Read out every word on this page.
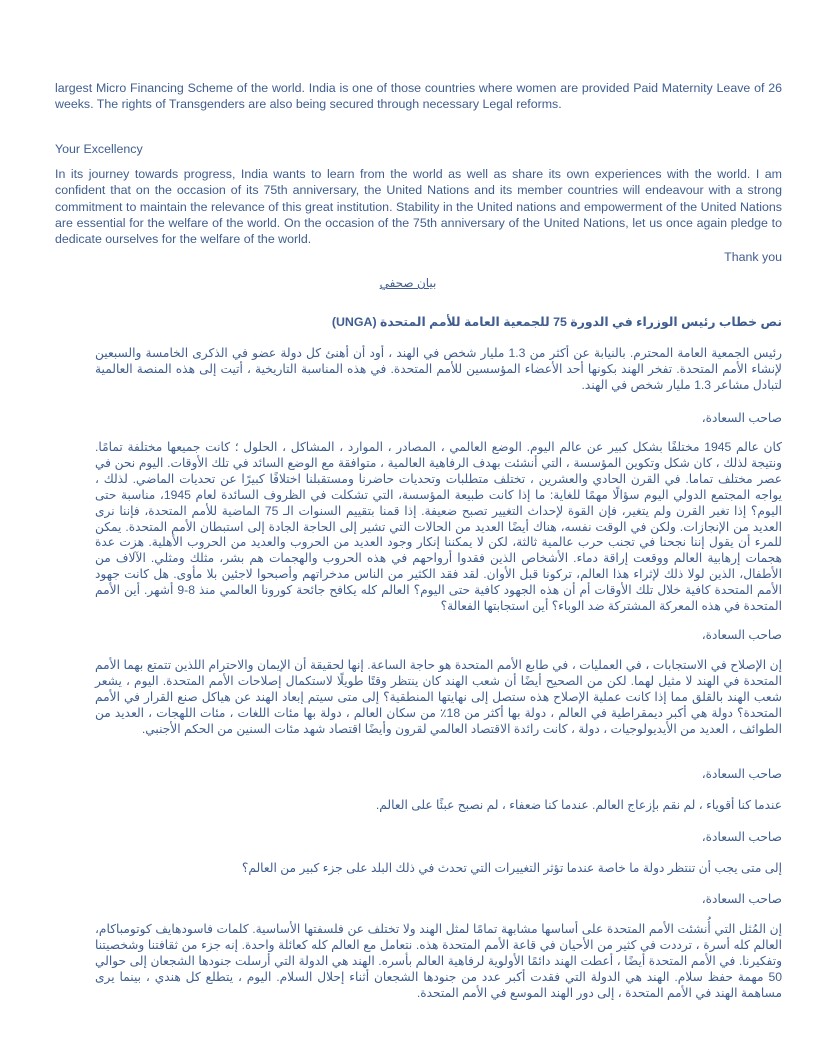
largest Micro Financing Scheme of the world. India is one of those countries where women are provided Paid Maternity Leave of 26 weeks. The rights of Transgenders are also being secured through necessary Legal reforms.
Your Excellency
In its journey towards progress, India wants to learn from the world as well as share its own experiences with the world. I am confident that on the occasion of its 75th anniversary, the United Nations and its member countries will endeavour with a strong commitment to maintain the relevance of this great institution. Stability in the United nations and empowerment of the United Nations are essential for the welfare of the world. On the occasion of the 75th anniversary of the United Nations, let us once again pledge to dedicate ourselves for the welfare of the world.
Thank you
بيان صحفي
نص خطاب رئيس الوزراء في الدورة 75 للجمعية العامة للأمم المتحدة (UNGA)
رئيس الجمعية العامة المحترم. بالنيابة عن أكثر من 1.3 مليار شخص في الهند ، أود أن أهنئ كل دولة عضو في الذكرى الخامسة والسبعين لإنشاء الأمم المتحدة. تفخر الهند بكونها أحد الأعضاء المؤسسين للأمم المتحدة. في هذه المناسبة التاريخية ، أتيت إلى هذه المنصة العالمية لتبادل مشاعر 1.3 مليار شخص في الهند.
صاحب السعادة،
كان عالم 1945 مختلفًا بشكل كبير عن عالم اليوم. الوضع العالمي ، المصادر ، الموارد ، المشاكل ، الحلول ؛ كانت جميعها مختلفة تمامًا. ونتيجة لذلك ، كان شكل وتكوين المؤسسة ، التي أنشئت بهدف الرفاهية العالمية ، متوافقة مع الوضع السائد في تلك الأوقات. اليوم نحن في عصر مختلف تماما. في القرن الحادي والعشرين ، تختلف متطلبات وتحديات حاضرنا ومستقبلنا اختلافًا كبيرًا عن تحديات الماضي. لذلك ، يواجه المجتمع الدولي اليوم سؤالًا مهمًا للغاية: ما إذا كانت طبيعة المؤسسة، التي تشكلت في الظروف السائدة لعام 1945، مناسبة حتى اليوم؟ إذا تغير القرن ولم يتغير، فإن القوة لإحداث التغيير تصبح ضعيفة. إذا قمنا بتقييم السنوات الـ 75 الماضية للأمم المتحدة، فإننا نرى العديد من الإنجازات. ولكن في الوقت نفسه، هناك أيضًا العديد من الحالات التي تشير إلى الحاجة الجادة إلى استبطان الأمم المتحدة. يمكن للمرء أن يقول إننا نجحنا في تجنب حرب عالمية ثالثة، لكن لا يمكننا إنكار وجود العديد من الحروب والعديد من الحروب الأهلية. هزت عدة هجمات إرهابية العالم ووقعت إراقة دماء. الأشخاص الذين فقدوا أرواحهم في هذه الحروب والهجمات هم بشر، مثلك ومثلي. الآلاف من الأطفال، الذين لولا ذلك لإثراء هذا العالم، تركونا قبل الأوان. لقد فقد الكثير من الناس مدخراتهم وأصبحوا لاجئين بلا مأوى. هل كانت جهود الأمم المتحدة كافية خلال تلك الأوقات أم أن هذه الجهود كافية حتى اليوم؟ العالم كله يكافح جائحة كورونا العالمي منذ 8-9 أشهر. أين الأمم المتحدة في هذه المعركة المشتركة ضد الوباء؟ أين استجابتها الفعالة؟
صاحب السعادة،
إن الإصلاح في الاستجابات ، في العمليات ، في طابع الأمم المتحدة هو حاجة الساعة. إنها لحقيقة أن الإيمان والاحترام اللذين تتمتع بهما الأمم المتحدة في الهند لا مثيل لهما. لكن من الصحيح أيضًا أن شعب الهند كان ينتظر وقتًا طويلًا لاستكمال إصلاحات الأمم المتحدة. اليوم ، يشعر شعب الهند بالقلق مما إذا كانت عملية الإصلاح هذه ستصل إلى نهايتها المنطقية؟ إلى متى سيتم إبعاد الهند عن هياكل صنع القرار في الأمم المتحدة؟ دولة هي أكبر ديمقراطية في العالم ، دولة بها أكثر من 18٪ من سكان العالم ، دولة بها مئات اللغات ، مئات اللهجات ، العديد من الطوائف ، العديد من الأيديولوجيات ، دولة ، كانت رائدة الاقتصاد العالمي لقرون وأيضًا اقتصاد شهد مئات السنين من الحكم الأجنبي.
صاحب السعادة،
عندما كنا أقوياء ، لم نقم بإزعاج العالم. عندما كنا ضعفاء ، لم نصبح عبئًا على العالم.
صاحب السعادة،
إلى متى يجب أن تنتظر دولة ما خاصة عندما تؤثر التغييرات التي تحدث في ذلك البلد على جزء كبير من العالم؟
صاحب السعادة،
إن المُثل التي أُنشئت الأمم المتحدة على أساسها مشابهة تمامًا لمثل الهند ولا تختلف عن فلسفتها الأساسية. كلمات فاسودهايف كوتومباكام، العالم كله أسرة ، ترددت في كثير من الأحيان في قاعة الأمم المتحدة هذه. نتعامل مع العالم كله كعائلة واحدة. إنه جزء من ثقافتنا وشخصيتنا وتفكيرنا. في الأمم المتحدة أيضًا ، أعطت الهند دائمًا الأولوية لرفاهية العالم بأسره. الهند هي الدولة التي أرسلت جنودها الشجعان إلى حوالي 50 مهمة حفظ سلام. الهند هي الدولة التي فقدت أكبر عدد من جنودها الشجعان أثناء إحلال السلام. اليوم ، يتطلع كل هندي ، بينما يرى مساهمة الهند في الأمم المتحدة ، إلى دور الهند الموسع في الأمم المتحدة.
